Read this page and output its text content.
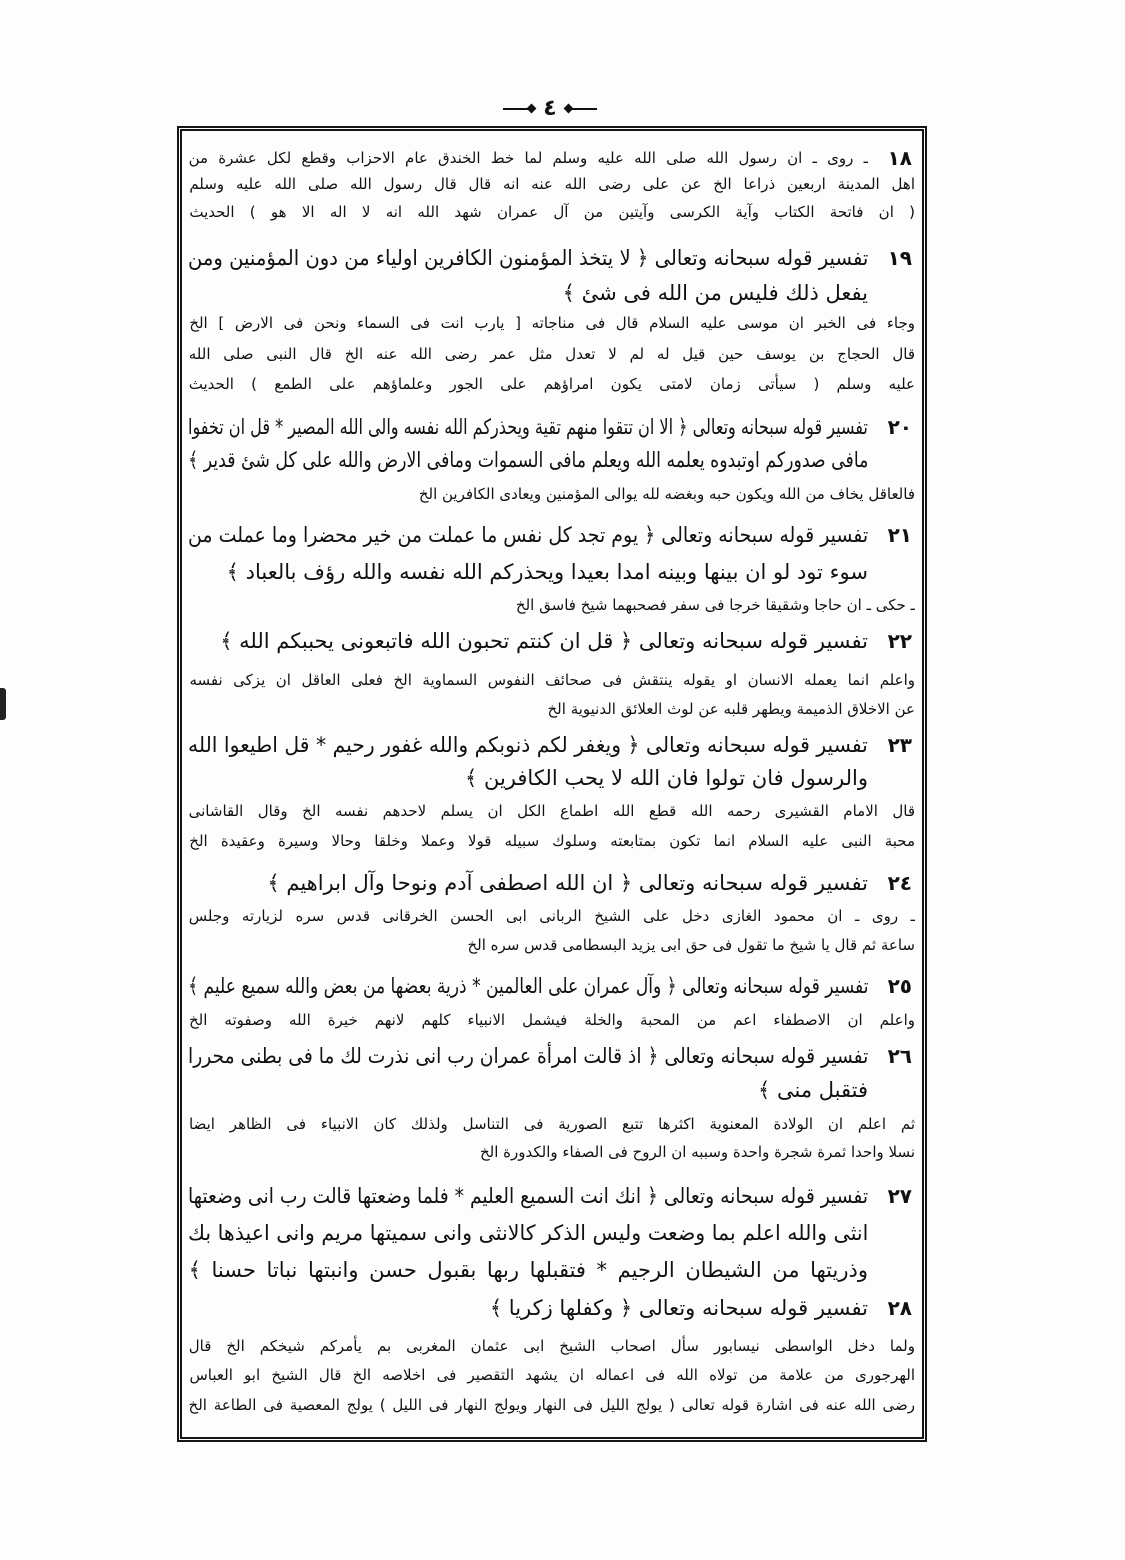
٤
١٨
ـ روى ـ ان رسول الله صلى الله عليه وسلم لما خط الخندق عام الاحزاب وقطع لكل عشرة من
اهل المدينة اربعين ذراعا الخ عن على رضى الله عنه انه قال قال رسول الله صلى الله عليه وسلم
( ان فاتحة الكتاب وآية الكرسى وآيتين من آل عمران شهد الله انه لا اله الا هو ) الحديث
١٩
تفسير قوله سبحانه وتعالى ﴿ لا يتخذ المؤمنون الكافرين اولياء من دون المؤمنين ومن
يفعل ذلك فليس من الله فى شئ ﴾
وجاء فى الخبر ان موسى عليه السلام قال فى مناجاته [ يارب انت فى السماء ونحن فى الارض ] الخ
قال الحجاج بن يوسف حين قيل له لم لا تعدل مثل عمر رضى الله عنه الخ قال النبى صلى الله
عليه وسلم ( سيأتى زمان لامتى يكون امراؤهم على الجور وعلماؤهم على الطمع ) الحديث
٢٠
تفسير قوله سبحانه وتعالى ﴿ الا ان تتقوا منهم تقية ويحذركم الله نفسه والى الله المصير * قل ان تخفوا
مافى صدوركم اوتبدوه يعلمه الله ويعلم مافى السموات ومافى الارض والله على كل شئ قدير ﴾
فالعاقل يخاف من الله ويكون حبه وبغضه لله يوالى المؤمنين ويعادى الكافرين الخ
٢١
تفسير قوله سبحانه وتعالى ﴿ يوم تجد كل نفس ما عملت من خير محضرا وما عملت من
سوء تود لو ان بينها وبينه امدا بعيدا ويحذركم الله نفسه والله رؤف بالعباد ﴾
ـ حكى ـ ان حاجا وشقيقا خرجا فى سفر فصحبهما شيخ فاسق الخ
٢٢
تفسير قوله سبحانه وتعالى ﴿ قل ان كنتم تحبون الله فاتبعونى يحببكم الله ﴾
واعلم انما يعمله الانسان او يقوله ينتقش فى صحائف النفوس السماوية الخ فعلى العاقل ان يزكى نفسه
عن الاخلاق الذميمة ويطهر قلبه عن لوث العلائق الدنيوية الخ
٢٣
تفسير قوله سبحانه وتعالى ﴿ ويغفر لكم ذنوبكم والله غفور رحيم * قل اطيعوا الله
والرسول فان تولوا فان الله لا يحب الكافرين ﴾
قال الامام القشيرى رحمه الله قطع الله اطماع الكل ان يسلم لاحدهم نفسه الخ وقال القاشانى
محبة النبى عليه السلام انما تكون بمتابعته وسلوك سبيله قولا وعملا وخلقا وحالا وسيرة وعقيدة الخ
٢٤
تفسير قوله سبحانه وتعالى ﴿ ان الله اصطفى آدم ونوحا وآل ابراهيم ﴾
ـ روى ـ ان محمود الغازى دخل على الشيخ الربانى ابى الحسن الخرقانى قدس سره لزيارته وجلس
ساعة ثم قال يا شيخ ما تقول فى حق ابى يزيد البسطامى قدس سره الخ
٢٥
تفسير قوله سبحانه وتعالى ﴿ وآل عمران على العالمين * ذرية بعضها من بعض والله سميع عليم ﴾
واعلم ان الاصطفاء اعم من المحبة والخلة فيشمل الانبياء كلهم لانهم خيرة الله وصفوته الخ
٢٦
تفسير قوله سبحانه وتعالى ﴿ اذ قالت امرأة عمران رب انى نذرت لك ما فى بطنى محررا
فتقبل منى ﴾
ثم اعلم ان الولادة المعنوية اكثرها تتبع الصورية فى التناسل ولذلك كان الانبياء فى الظاهر ايضا
نسلا واحدا ثمرة شجرة واحدة وسببه ان الروح فى الصفاء والكدورة الخ
٢٧
تفسير قوله سبحانه وتعالى ﴿ انك انت السميع العليم * فلما وضعتها قالت رب انى وضعتها
انثى والله اعلم بما وضعت وليس الذكر كالانثى وانى سميتها مريم وانى اعيذها بك
وذريتها من الشيطان الرجيم * فتقبلها ربها بقبول حسن وانبتها نباتا حسنا ﴾
٢٨
تفسير قوله سبحانه وتعالى ﴿ وكفلها زكريا ﴾
ولما دخل الواسطى نيسابور سأل اصحاب الشيخ ابى عثمان المغربى بم يأمركم شيخكم الخ قال
الهرجورى من علامة من تولاه الله فى اعماله ان يشهد التقصير فى اخلاصه الخ قال الشيخ ابو العباس
رضى الله عنه فى اشارة قوله تعالى ( يولج الليل فى النهار ويولج النهار فى الليل ) يولج المعصية فى الطاعة الخ
